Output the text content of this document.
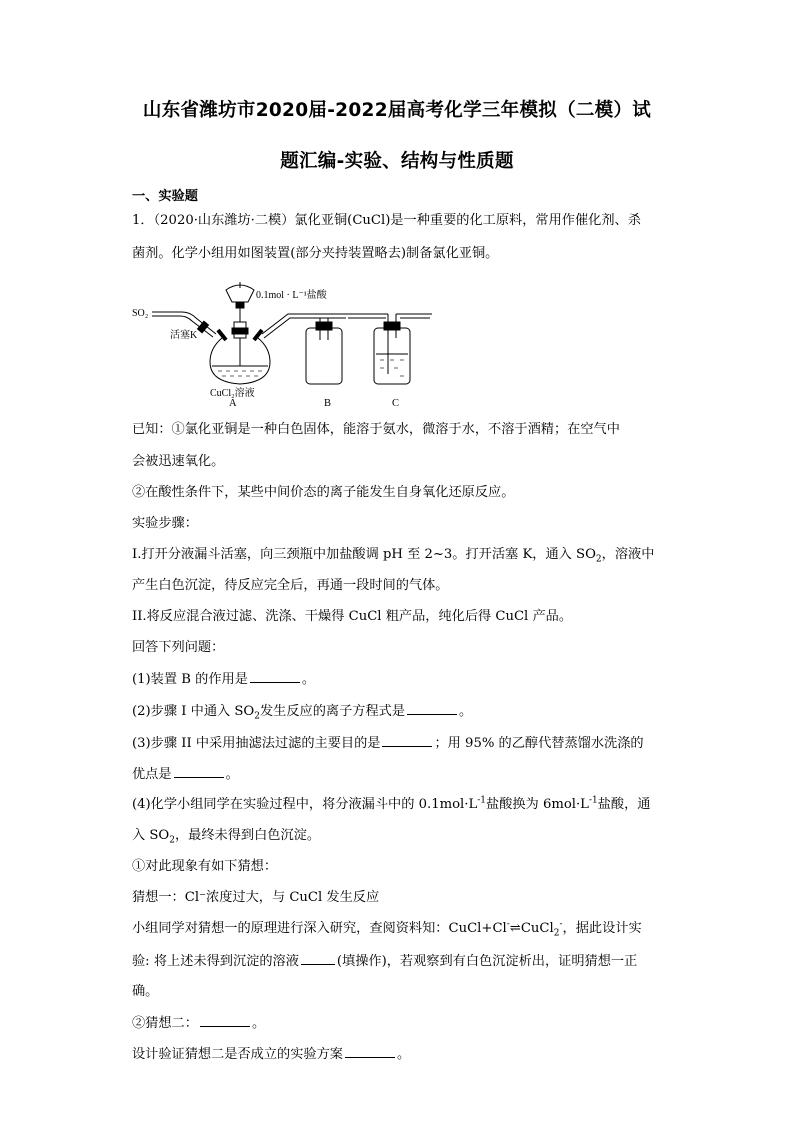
山东省潍坊市2020届-2022届高考化学三年模拟（二模）试
题汇编-实验、结构与性质题
一、实验题
1．（2020·山东潍坊·二模）氯化亚铜(CuCl)是一种重要的化工原料，常用作催化剂、杀
菌剂。化学小组用如图装置(部分夹持装置略去)制备氯化亚铜。
SO₂
0.1mol · L⁻¹盐酸
活塞K
CuCl₂溶液
A	B	C
已知：①氯化亚铜是一种白色固体，能溶于氨水，微溶于水，不溶于酒精；在空气中
会被迅速氧化。
②在酸性条件下，某些中间价态的离子能发生自身氧化还原反应。
实验步骤：
I.打开分液漏斗活塞，向三颈瓶中加盐酸调 pH 至 2~3。打开活塞 K，通入 $SO_2$，溶液中
产生白色沉淀，待反应完全后，再通一段时间的气体。
II.将反应混合液过滤、洗涤、干燥得 CuCl 粗产品，纯化后得 CuCl 产品。
回答下列问题：
(1)装置 B 的作用是	。
(2)步骤 I 中通入 $SO_2$发生反应的离子方程式是	。
(3)步骤 II 中采用抽滤法过滤的主要目的是	；用 95% 的乙醇代替蒸馏水洗涤的
优点是	。
(4)化学小组同学在实验过程中，将分液漏斗中的 $0.1mol\cdot L^{-1}$盐酸换为 $6mol\cdot L^{-1}$盐酸，通
入 $SO_2$，最终未得到白色沉淀。
①对此现象有如下猜想：
猜想一：Cl⁻浓度过大，与 CuCl 发生反应
小组同学对猜想一的原理进行深入研究，查阅资料知：CuCl+Cl-⇌CuCl$_2$-，据此设计实
验: 将上述未得到沉淀的溶液	(填操作)，若观察到有白色沉淀析出，证明猜想一正
确。
②猜想二：	。
设计验证猜想二是否成立的实验方案	。
